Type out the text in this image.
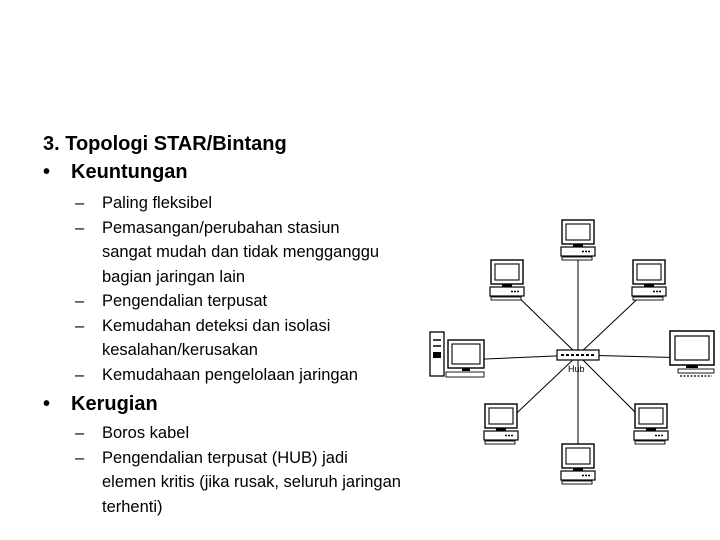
3. Topologi STAR/Bintang
• Keuntungan
–	Paling fleksibel
–	Pemasangan/perubahan stasiun sangat mudah dan tidak mengganggu bagian jaringan lain
–	Pengendalian terpusat
–	Kemudahan deteksi dan isolasi kesalahan/kerusakan
–	Kemudahaan pengelolaan jaringan
• Kerugian
–	Boros kabel
–	Pengendalian terpusat (HUB) jadi elemen kritis (jika rusak, seluruh jaringan terhenti)
Hub
